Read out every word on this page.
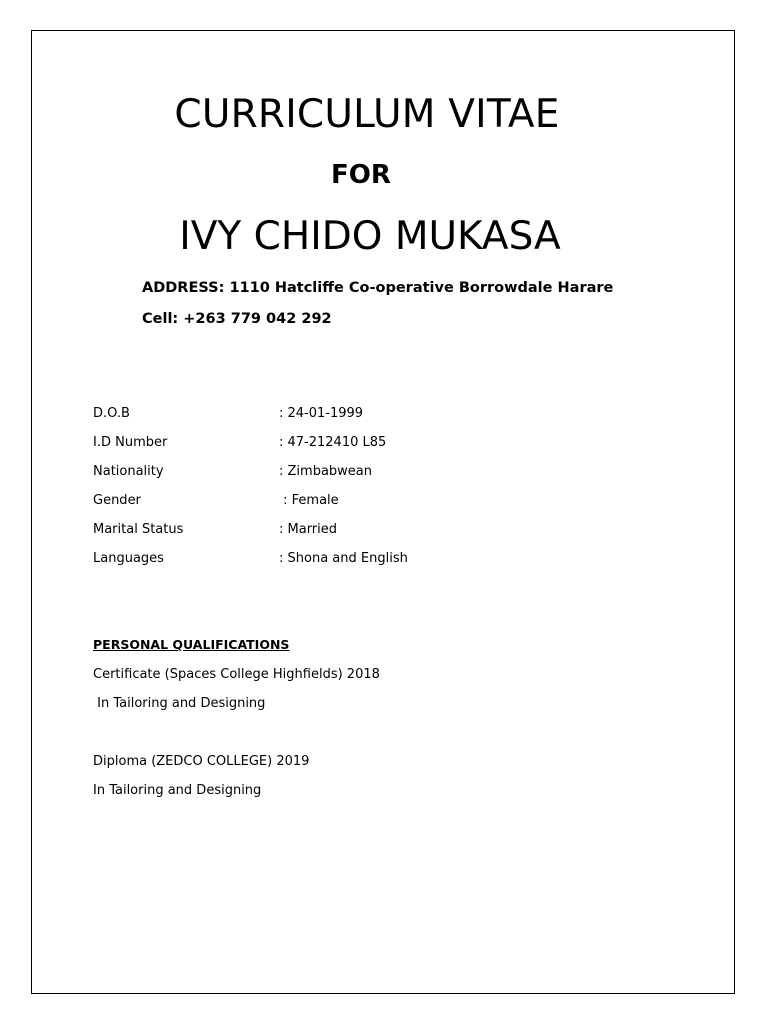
CURRICULUM VITAE
FOR
IVY CHIDO MUKASA
ADDRESS: 1110 Hatcliffe Co-operative Borrowdale Harare
Cell: +263 779 042 292
D.O.B	: 24-01-1999
I.D Number	: 47-212410 L85
Nationality	: Zimbabwean
Gender	: Female
Marital Status	: Married
Languages	: Shona and English
PERSONAL QUALIFICATIONS
Certificate (Spaces College Highfields) 2018
In Tailoring and Designing
Diploma (ZEDCO COLLEGE) 2019
In Tailoring and Designing
